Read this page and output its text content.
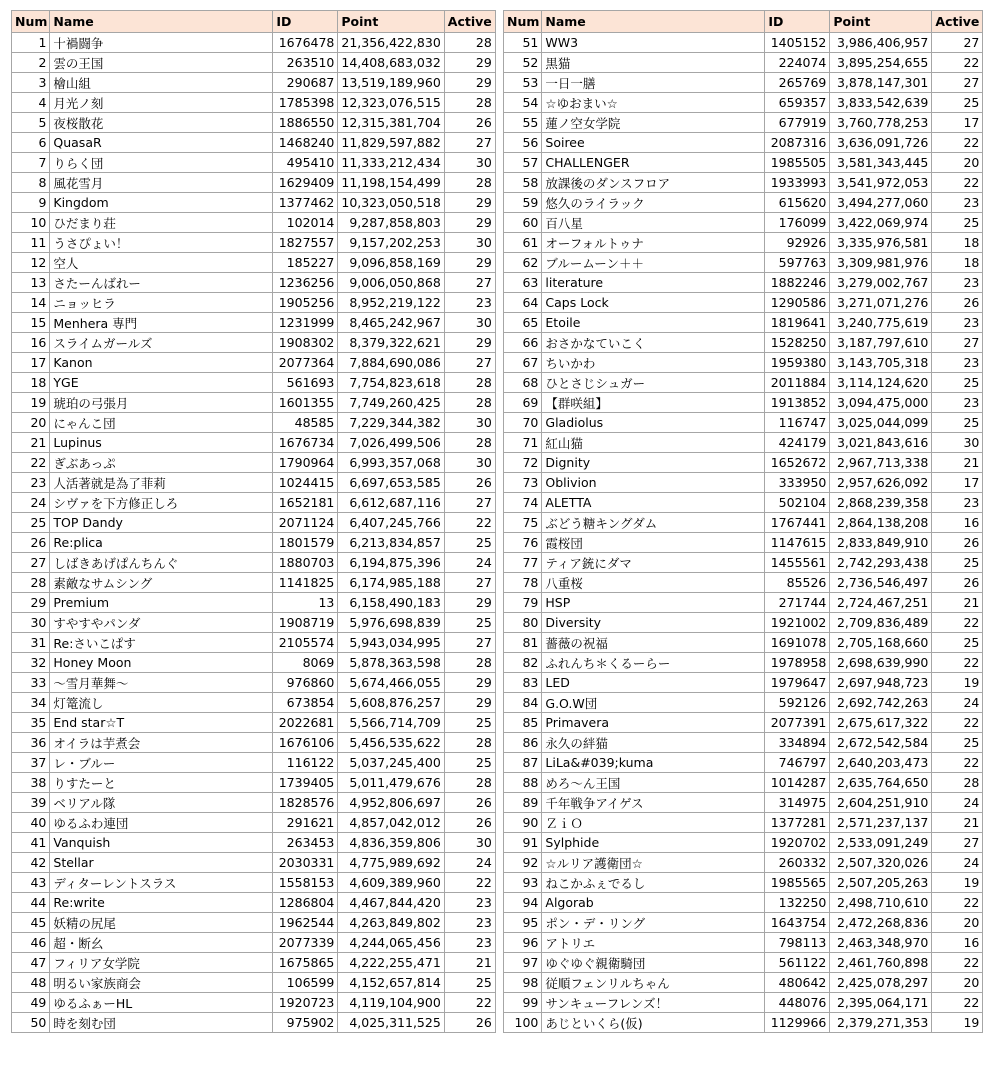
Num	Name	ID	Point	Active
1	十禍闘争	1676478	21,356,422,830	28
2	雲の王国	263510	14,408,683,032	29
3	檜山組	290687	13,519,189,960	29
4	月光ノ刻	1785398	12,323,076,515	28
5	夜桜散花	1886550	12,315,381,704	26
6	QuasaR	1468240	11,829,597,882	27
7	りらく団	495410	11,333,212,434	30
8	風花雪月	1629409	11,198,154,499	28
9	Kingdom	1377462	10,323,050,518	29
10	ひだまり荘	102014	9,287,858,803	29
11	うさぴょい！	1827557	9,157,202,253	30
12	空人	185227	9,096,858,169	29
13	さたーんばれー	1236256	9,006,050,868	27
14	ニョッヒラ	1905256	8,952,219,122	23
15	Menhera 専門	1231999	8,465,242,967	30
16	スライムガールズ	1908302	8,379,322,621	29
17	Kanon	2077364	7,884,690,086	27
18	YGE	561693	7,754,823,618	28
19	琥珀の弓張月	1601355	7,749,260,425	28
20	にゃんこ団	48585	7,229,344,382	30
21	Lupinus	1676734	7,026,499,506	28
22	ぎぶあっぷ	1790964	6,993,357,068	30
23	人活著就是為了菲莉	1024415	6,697,653,585	26
24	シヴァを下方修正しろ	1652181	6,612,687,116	27
25	TOP Dandy	2071124	6,407,245,766	22
26	Re:plica	1801579	6,213,834,857	25
27	しばきあげぱんちんぐ	1880703	6,194,875,396	24
28	素敵なサムシング	1141825	6,174,985,188	27
29	Premium	13	6,158,490,183	29
30	すやすやパンダ	1908719	5,976,698,839	25
31	Re:さいこぱす	2105574	5,943,034,995	27
32	Honey Moon	8069	5,878,363,598	28
33	～雪月華舞～	976860	5,674,466,055	29
34	灯篭流し	673854	5,608,876,257	29
35	End star☆T	2022681	5,566,714,709	25
36	オイラは芋煮会	1676106	5,456,535,622	28
37	レ・ブルー	116122	5,037,245,400	25
38	りすたーと	1739405	5,011,479,676	28
39	ベリアル隊	1828576	4,952,806,697	26
40	ゆるふわ連団	291621	4,857,042,012	26
41	Vanquish	263453	4,836,359,806	30
42	Stellar	2030331	4,775,989,692	24
43	ディターレントスラス	1558153	4,609,389,960	22
44	Re:write	1286804	4,467,844,420	23
45	妖精の尻尾	1962544	4,263,849,802	23
46	超・断幺	2077339	4,244,065,456	23
47	フィリア女学院	1675865	4,222,255,471	21
48	明るい家族商会	106599	4,152,657,814	25
49	ゆるふぁーHL	1920723	4,119,104,900	22
50	時を刻む団	975902	4,025,311,525	26
Num	Name	ID	Point	Active
51	WW3	1405152	3,986,406,957	27
52	黒猫	224074	3,895,254,655	22
53	一日一膳	265769	3,878,147,301	27
54	☆ゆおまい☆	659357	3,833,542,639	25
55	蓮ノ空女学院	677919	3,760,778,253	17
56	Soiree	2087316	3,636,091,726	22
57	CHALLENGER	1985505	3,581,343,445	20
58	放課後のダンスフロア	1933993	3,541,972,053	22
59	悠久のライラック	615620	3,494,277,060	23
60	百八星	176099	3,422,069,974	25
61	オーフォルトゥナ	92926	3,335,976,581	18
62	ブルームーン＋＋	597763	3,309,981,976	18
63	literature	1882246	3,279,002,767	23
64	Caps Lock	1290586	3,271,071,276	26
65	Etoile	1819641	3,240,775,619	23
66	おさかなていこく	1528250	3,187,797,610	27
67	ちいかわ	1959380	3,143,705,318	23
68	ひとさじシュガー	2011884	3,114,124,620	25
69	【群咲組】	1913852	3,094,475,000	23
70	Gladiolus	116747	3,025,044,099	25
71	紅山猫	424179	3,021,843,616	30
72	Dignity	1652672	2,967,713,338	21
73	Oblivion	333950	2,957,626,092	17
74	ALETTA	502104	2,868,239,358	23
75	ぶどう糖キングダム	1767441	2,864,138,208	16
76	霞桜団	1147615	2,833,849,910	26
77	ティア銃にダマ	1455561	2,742,293,438	25
78	八重桜	85526	2,736,546,497	26
79	HSP	271744	2,724,467,251	21
80	Diversity	1921002	2,709,836,489	22
81	薔薇の祝福	1691078	2,705,168,660	25
82	ふれんち＊くるーらー	1978958	2,698,639,990	22
83	LED	1979647	2,697,948,723	19
84	G.O.W団	592126	2,692,742,263	24
85	Primavera	2077391	2,675,617,322	22
86	永久の絆猫	334894	2,672,542,584	25
87	LiLa&#039;kuma	746797	2,640,203,473	22
88	めろ～ん王国	1014287	2,635,764,650	28
89	千年戦争アイゲス	314975	2,604,251,910	24
90	ＺｉＯ	1377281	2,571,237,137	21
91	Sylphide	1920702	2,533,091,249	27
92	☆ルリア護衛団☆	260332	2,507,320,026	24
93	ねこかふぇでるし	1985565	2,507,205,263	19
94	Algorab	132250	2,498,710,610	22
95	ポン・デ・リング	1643754	2,472,268,836	20
96	アトリエ	798113	2,463,348,970	16
97	ゆぐゆぐ親衛騎団	561122	2,461,760,898	22
98	従順フェンリルちゃん	480642	2,425,078,297	20
99	サンキューフレンズ！	448076	2,395,064,171	22
100	あじといくら(仮)	1129966	2,379,271,353	19
